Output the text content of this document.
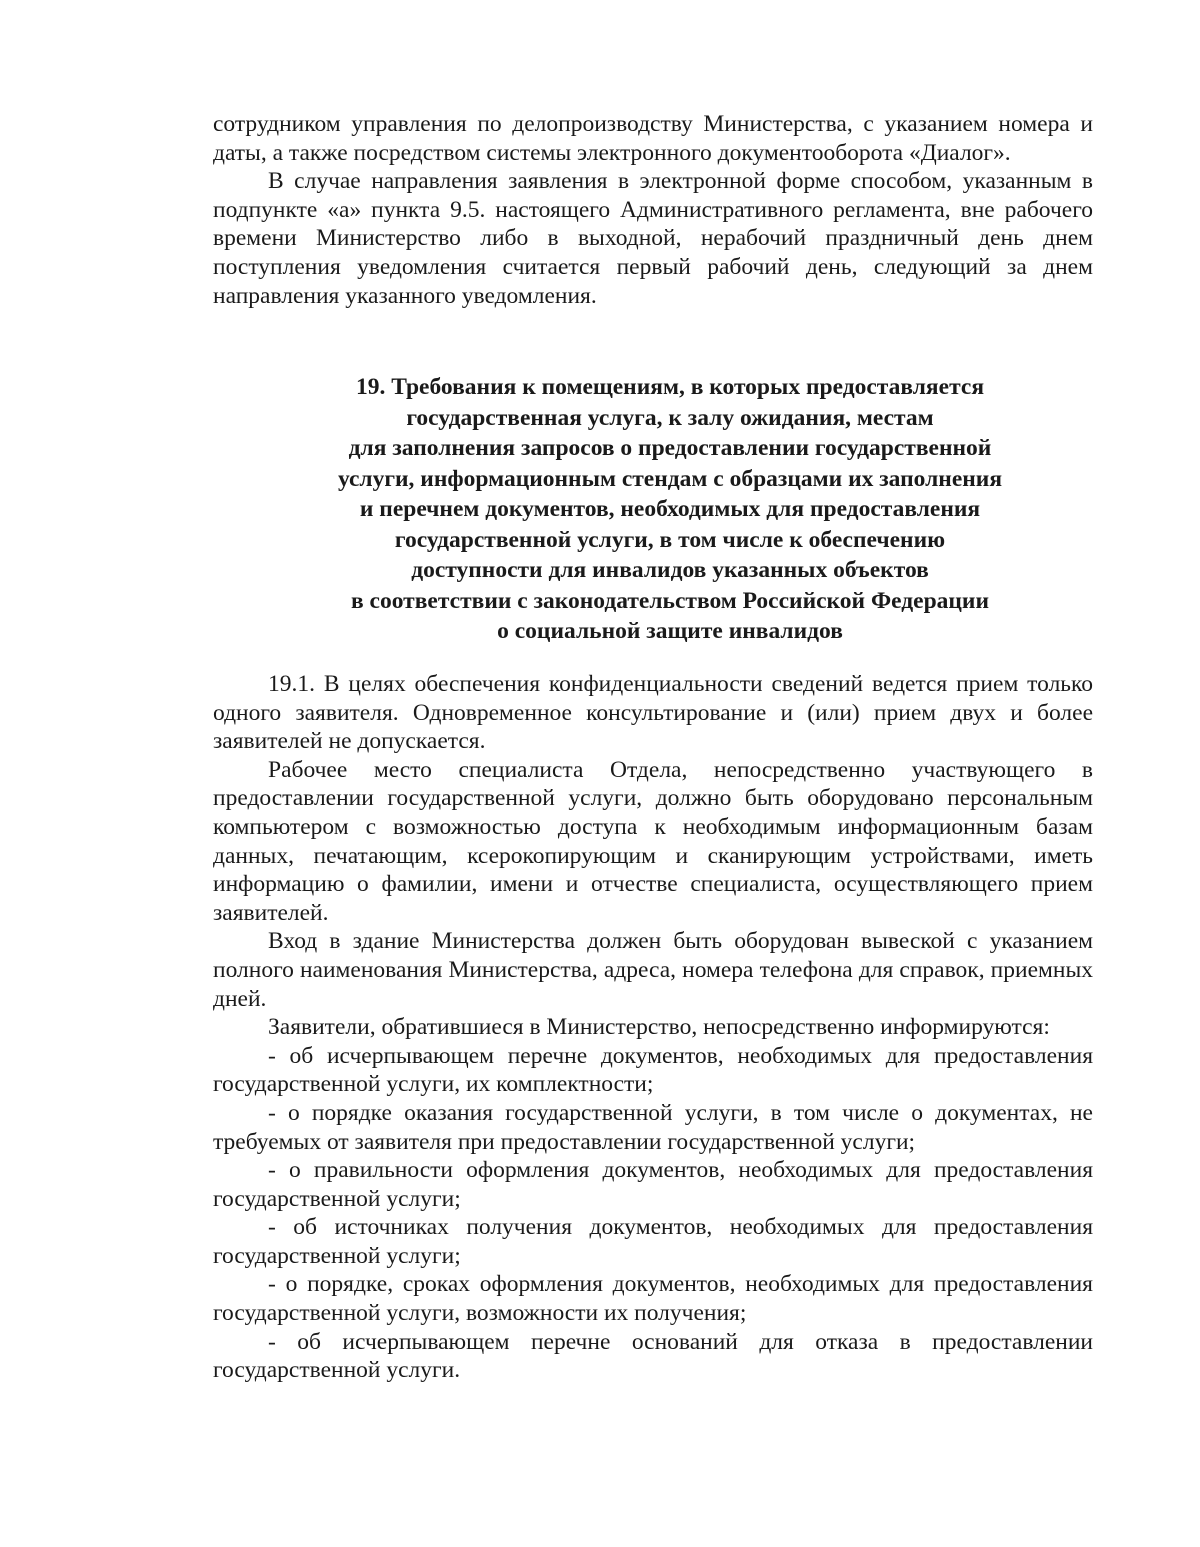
сотрудником управления по делопроизводству Министерства, с указанием номера и даты, а также посредством системы электронного документооборота «Диалог».

В случае направления заявления в электронной форме способом, указанным в подпункте «а» пункта 9.5. настоящего Административного регламента, вне рабочего времени Министерство либо в выходной, нерабочий праздничный день днем поступления уведомления считается первый рабочий день, следующий за днем направления указанного уведомления.

19. Требования к помещениям, в которых предоставляется
государственная услуга, к залу ожидания, местам
для заполнения запросов о предоставлении государственной
услуги, информационным стендам с образцами их заполнения
и перечнем документов, необходимых для предоставления
государственной услуги, в том числе к обеспечению
доступности для инвалидов указанных объектов
в соответствии с законодательством Российской Федерации
о социальной защите инвалидов

19.1. В целях обеспечения конфиденциальности сведений ведется прием только одного заявителя. Одновременное консультирование и (или) прием двух и более заявителей не допускается.

Рабочее место специалиста Отдела, непосредственно участвующего в предоставлении государственной услуги, должно быть оборудовано персональным компьютером с возможностью доступа к необходимым информационным базам данных, печатающим, ксерокопирующим и сканирующим устройствами, иметь информацию о фамилии, имени и отчестве специалиста, осуществляющего прием заявителей.

Вход в здание Министерства должен быть оборудован вывеской с указанием полного наименования Министерства, адреса, номера телефона для справок, приемных дней.

Заявители, обратившиеся в Министерство, непосредственно информируются:

- об исчерпывающем перечне документов, необходимых для предоставления государственной услуги, их комплектности;

- о порядке оказания государственной услуги, в том числе о документах, не требуемых от заявителя при предоставлении государственной услуги;

- о правильности оформления документов, необходимых для предоставления государственной услуги;

- об источниках получения документов, необходимых для предоставления государственной услуги;

- о порядке, сроках оформления документов, необходимых для предоставления государственной услуги, возможности их получения;

- об исчерпывающем перечне оснований для отказа в предоставлении государственной услуги.
